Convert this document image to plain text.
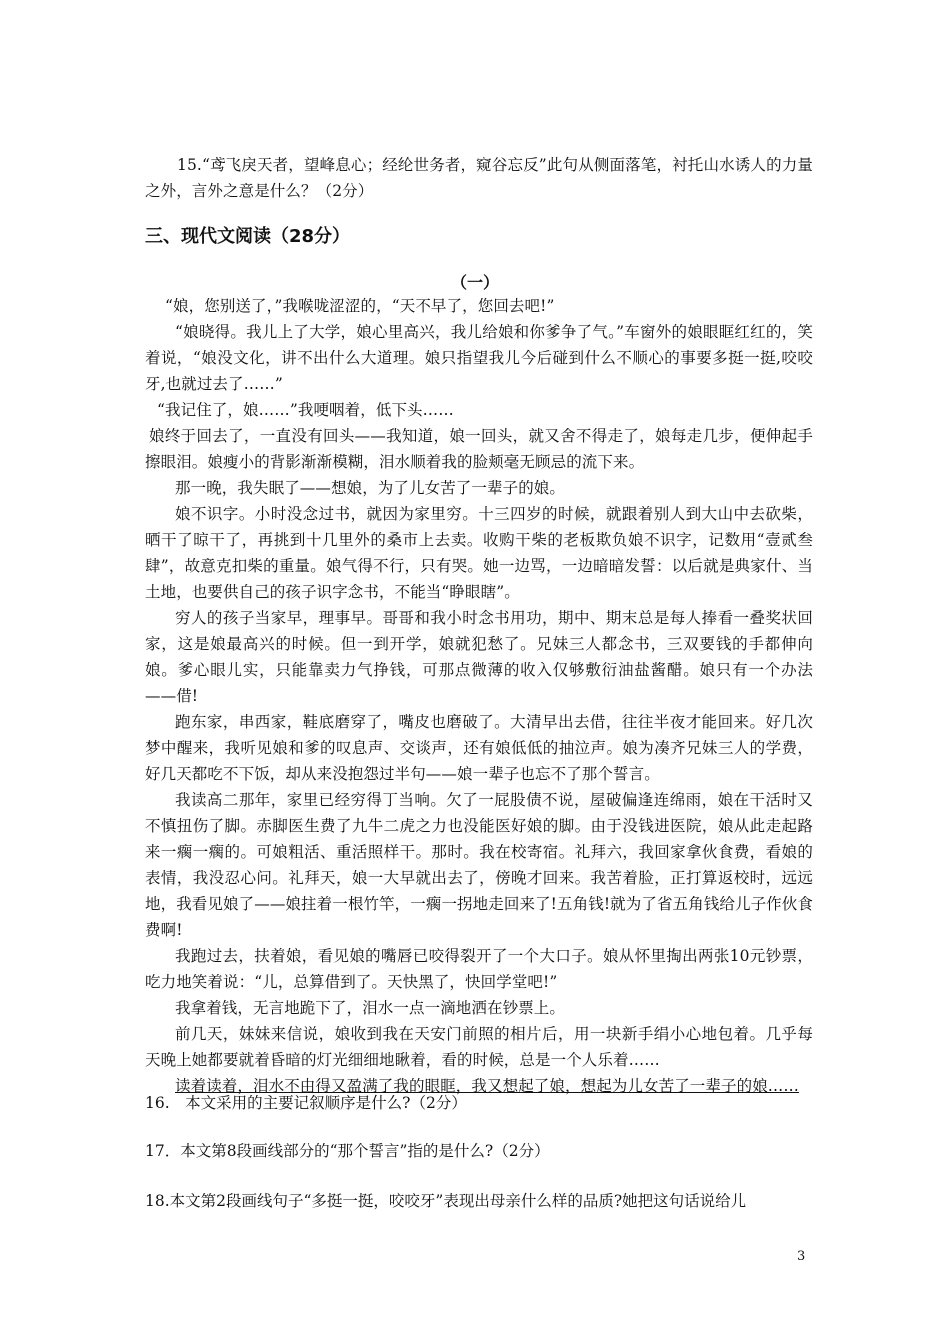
15.“鸢飞戾天者，望峰息心；经纶世务者，窥谷忘反”此句从侧面落笔，衬托山水诱人的力量之外，言外之意是什么？（2分）
三、现代文阅读（28分）
（一）

“娘，您别送了，”我喉咙涩涩的，“天不早了，您回去吧!”

“娘晓得。我儿上了大学，娘心里高兴，我儿给娘和你爹争了气。”车窗外的娘眼眶红红的，笑着说，“娘没文化，讲不出什么大道理。娘只指望我儿今后碰到什么不顺心的事要多挺一挺,咬咬牙,也就过去了……”

“我记住了，娘……”我哽咽着，低下头……

娘终于回去了，一直没有回头——我知道，娘一回头，就又舍不得走了，娘每走几步，便伸起手擦眼泪。娘瘦小的背影渐渐模糊，泪水顺着我的脸颊毫无顾忌的流下来。

那一晚，我失眠了——想娘，为了儿女苦了一辈子的娘。

娘不识字。小时没念过书，就因为家里穷。十三四岁的时候，就跟着别人到大山中去砍柴，晒干了晾干了，再挑到十几里外的桑市上去卖。收购干柴的老板欺负娘不识字，记数用“壹贰叁肆”，故意克扣柴的重量。娘气得不行，只有哭。她一边骂，一边暗暗发誓：以后就是典家什、当土地，也要供自己的孩子识字念书，不能当“睁眼瞎”。

穷人的孩子当家早，理事早。哥哥和我小时念书用功，期中、期末总是每人捧看一叠奖状回家，这是娘最高兴的时候。但一到开学，娘就犯愁了。兄妹三人都念书，三双要钱的手都伸向娘。爹心眼儿实，只能靠卖力气挣钱，可那点微薄的收入仅够敷衍油盐酱醋。娘只有一个办法——借!

跑东家，串西家，鞋底磨穿了，嘴皮也磨破了。大清早出去借，往往半夜才能回来。好几次梦中醒来，我听见娘和爹的叹息声、交谈声，还有娘低低的抽泣声。娘为凑齐兄妹三人的学费，好几天都吃不下饭，却从来没抱怨过半句——娘一辈子也忘不了那个誓言。

我读高二那年，家里已经穷得丁当响。欠了一屁股债不说，屋破偏逢连绵雨，娘在干活时又不慎扭伤了脚。赤脚医生费了九牛二虎之力也没能医好娘的脚。由于没钱进医院，娘从此走起路来一瘸一瘸的。可娘粗活、重活照样干。那时。我在校寄宿。礼拜六，我回家拿伙食费，看娘的表情，我没忍心问。礼拜天，娘一大早就出去了，傍晚才回来。我苦着脸，正打算返校时，远远地，我看见娘了——娘拄着一根竹竿，一瘸一拐地走回来了!五角钱!就为了省五角钱给儿子作伙食费啊!

我跑过去，扶着娘，看见娘的嘴唇已咬得裂开了一个大口子。娘从怀里掏出两张10元钞票，吃力地笑着说：“儿，总算借到了。天快黑了，快回学堂吧!”

我拿着钱，无言地跪下了，泪水一点一滴地洒在钞票上。

前几天，妹妹来信说，娘收到我在天安门前照的相片后，用一块新手绢小心地包着。几乎每天晚上她都要就着昏暗的灯光细细地瞅着，看的时候，总是一个人乐着……

读着读着，泪水不由得又盈满了我的眼眶，我又想起了娘，想起为儿女苦了一辈子的娘……

16.　本文采用的主要记叙顺序是什么?（2分）
17．本文第8段画线部分的“那个誓言”指的是什么?（2分）
18.本文第2段画线句子“多挺一挺，咬咬牙”表现出母亲什么样的品质?她把这句话说给儿
3
